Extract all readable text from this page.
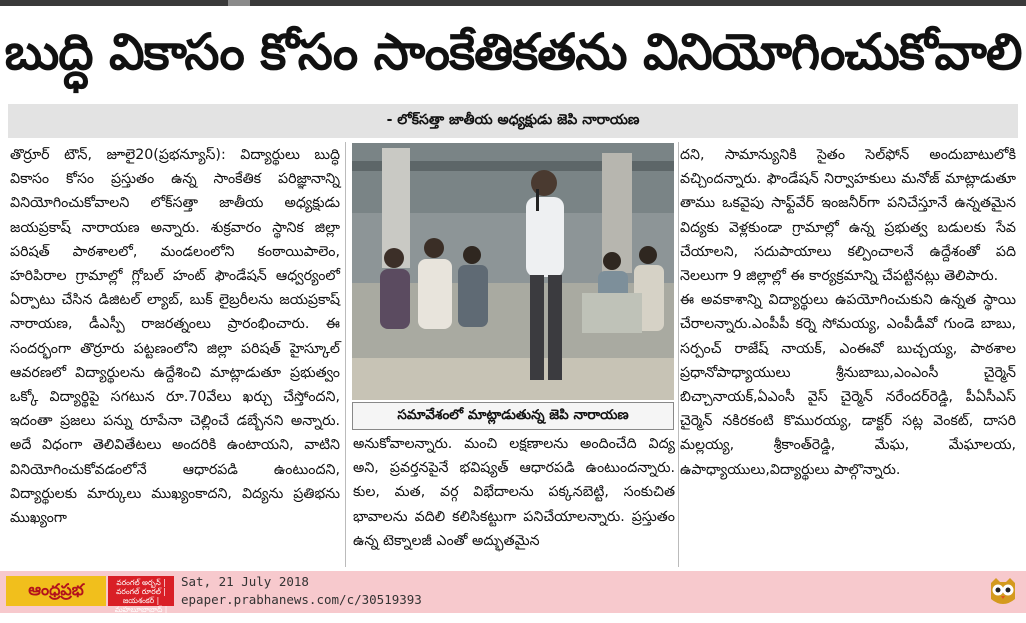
బుద్ధి వికాసం కోసం సాంకేతికతను వినియోగించుకోవాలి
- లోక్‌సత్తా జాతీయ అధ్యక్షుడు జెపి నారాయణ

తొర్రూర్ టౌన్, జూలై20(ప్రభన్యూస్): విద్యార్థులు బుద్ధి వికాసం కోసం ప్రస్తుతం ఉన్న సాంకేతిక పరిజ్ఞానాన్ని వినియోగించుకోవాలని లోక్‌సత్తా జాతీయ అధ్యక్షుడు జయప్రకాష్ నారాయణ అన్నారు. శుక్రవారం స్థానిక జిల్లా పరిషత్ పాఠశాలలో, మండలంలోని కంఠాయిపాలెం, హరిపిరాల గ్రామాల్లో గ్లోబల్ హంట్ ఫౌండేషన్ ఆధ్వర్యంలో ఏర్పాటు చేసిన డిజిటల్ ల్యాబ్, బుక్ లైబ్రరీలను జయప్రకాష్ నారాయణ, డీఎస్పీ రాజరత్నంలు ప్రారంభించారు. ఈ సందర్భంగా తొర్రూరు పట్టణంలోని జిల్లా పరిషత్ హైస్కూల్ ఆవరణలో విద్యార్థులను ఉద్దేశించి మాట్లాడుతూ ప్రభుత్వం ఒక్కో విద్యార్థిపై సగటున రూ.70వేలు ఖర్చు చేస్తోందని, ఇదంతా ప్రజలు పన్ను రూపేనా చెల్లించే డబ్బేనని అన్నారు. అదే విధంగా తెలివితేటలు అందరికి ఉంటాయని, వాటిని వినియోగించుకోవడంలోనే ఆధారపడి ఉంటుందని, విద్యార్థులకు మార్కులు ముఖ్యంకాదని, విద్యను ప్రతిభను ముఖ్యంగా

సమావేశంలో మాట్లాడుతున్న జెపి నారాయణ

అనుకోవాలన్నారు. మంచి లక్షణాలను అందించేది విద్య అని, ప్రవర్తనపైనే భవిష్యత్ ఆధారపడి ఉంటుందన్నారు. కుల, మత, వర్గ విభేదాలను పక్కనబెట్టి, సంకుచిత భావాలను వదిలి కలిసికట్టుగా పనిచేయాలన్నారు. ప్రస్తుతం ఉన్న టెక్నాలజీ ఎంతో అద్భుతమైన

దని, సామాన్యునికి సైతం సెల్‌ఫోన్ అందుబాటులోకి వచ్చిందన్నారు. ఫౌండేషన్ నిర్వాహకులు మనోజ్ మాట్లాడుతూ తాము ఒకవైపు సాఫ్ట్‌వేర్ ఇంజనీర్‌గా పనిచేస్తూనే ఉన్నతమైన విద్యకు వెళ్లకుండా గ్రామాల్లో ఉన్న ప్రభుత్వ బడులకు సేవ చేయాలని, సదుపాయాలు కల్పించాలనే ఉద్దేశంతో పది నెలలుగా 9 జిల్లాల్లో ఈ కార్యక్రమాన్ని చేపట్టినట్లు తెలిపారు.

ఈ అవకాశాన్ని విద్యార్థులు ఉపయోగించుకుని ఉన్నత స్థాయి చేరాలన్నారు.ఎంపీపీ కర్నె సోమయ్య, ఎంపీడీవో గుండె బాబు, సర్పంచ్ రాజేష్ నాయక్, ఎంఈవో బుచ్చయ్య, పాఠశాల ప్రధానోపాధ్యాయులు శ్రీనుబాబు,ఎంఎంసీ చైర్మెన్ బిచ్చానాయక్,ఏఎంసీ వైస్ చైర్మెన్ నరేందర్‌రెడ్డి, పీఏసీఎస్ చైర్మెన్ నకిరకంటి కొమురయ్య, డాక్టర్ సట్ల వెంకట్, దాసరి మల్లయ్య, శ్రీకాంత్‌రెడ్డి, మేఘ, మేఘాలయ, ఉపాధ్యాయులు,విద్యార్థులు పాల్గొన్నారు.

ఆంధ్రప్రభ	వరంగల్ అర్బన్ | వరంగల్ రూరల్ | జయశంకర్ | మహబూబాబాద్ | జనగామ
Sat, 21 July 2018
epaper.prabhanews.com/c/30519393
